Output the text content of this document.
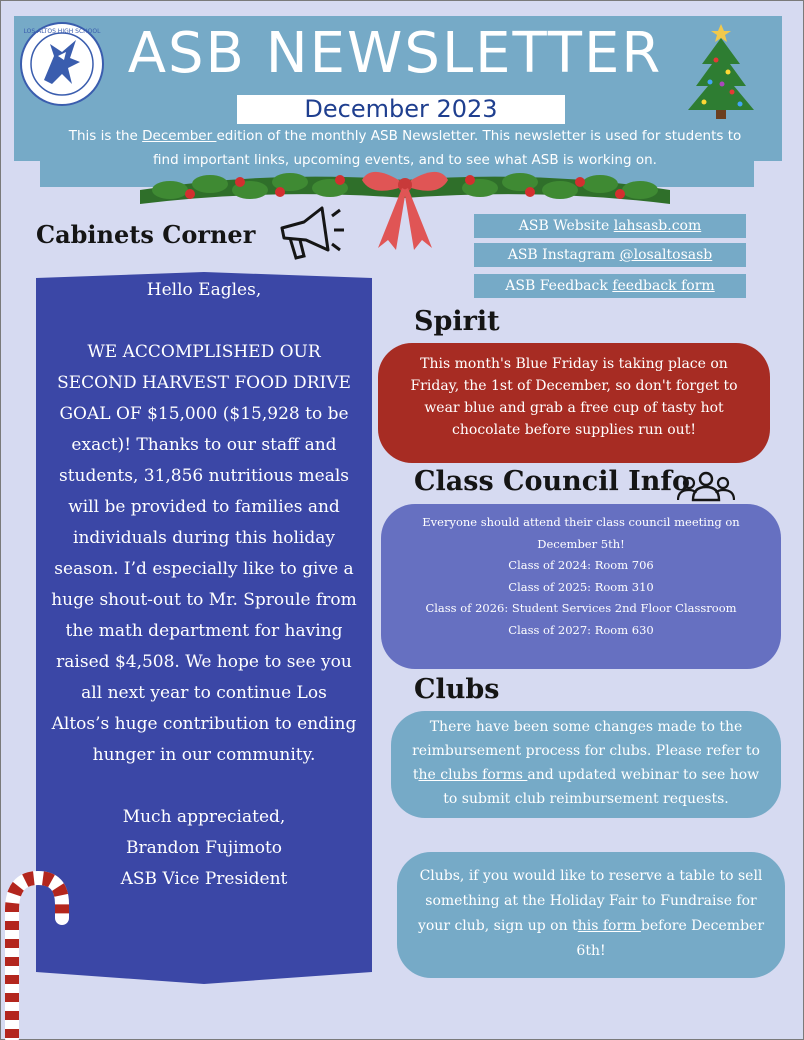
LOS ALTOS HIGH SCHOOL ASB NEWSLETTER
December 2023
This is the December edition of the monthly ASB Newsletter. This newsletter is used for students to find important links, upcoming events, and to see what ASB is working on.
ASB Website lahsasb.com
ASB Instagram @losaltosasb
ASB Feedback feedback form
Cabinets Corner
Hello Eagles,
WE ACCOMPLISHED OUR SECOND HARVEST FOOD DRIVE GOAL OF $15,000 ($15,928 to be exact)! Thanks to our staff and students, 31,856 nutritious meals will be provided to families and individuals during this holiday season. I’d especially like to give a huge shout-out to Mr. Sproule from the math department for having raised $4,508. We hope to see you all next year to continue Los Altos’s huge contribution to ending hunger in our community.
Much appreciated,
Brandon Fujimoto
ASB Vice President
Spirit
This month's Blue Friday is taking place on Friday, the 1st of December, so don't forget to wear blue and grab a free cup of tasty hot chocolate before supplies run out!
Class Council Info
Everyone should attend their class council meeting on December 5th!
Class of 2024: Room 706
Class of 2025: Room 310
Class of 2026: Student Services 2nd Floor Classroom
Class of 2027: Room 630
Clubs
There have been some changes made to the reimbursement process for clubs. Please refer to the clubs forms and updated webinar to see how to submit club reimbursement requests.
Clubs, if you would like to reserve a table to sell something at the Holiday Fair to Fundraise for your club, sign up on this form before December 6th!
